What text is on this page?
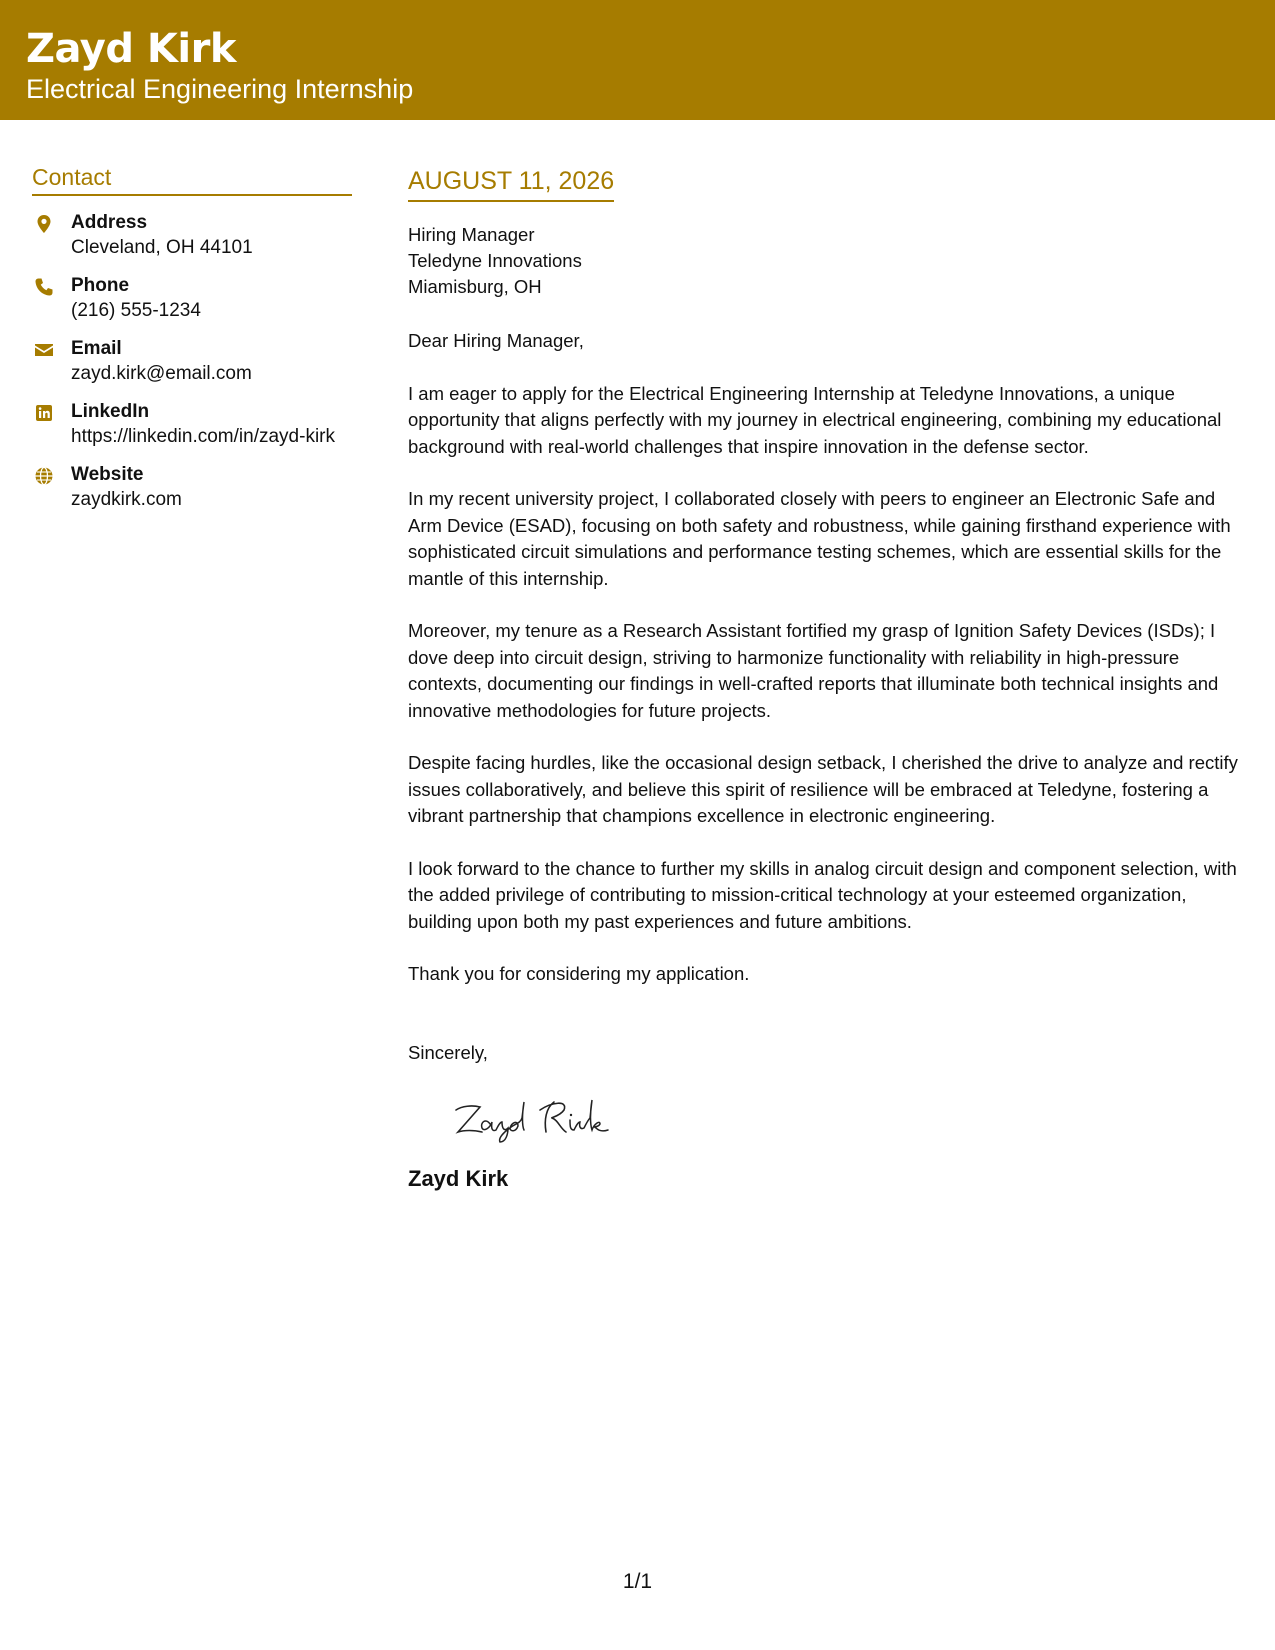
Zayd Kirk
Electrical Engineering Internship
Contact
Address
Cleveland, OH 44101
Phone
(216) 555-1234
Email
zayd.kirk@email.com
LinkedIn
https://linkedin.com/in/zayd-kirk
Website
zaydkirk.com
AUGUST 11, 2026
Hiring Manager
Teledyne Innovations
Miamisburg, OH
Dear Hiring Manager,
I am eager to apply for the Electrical Engineering Internship at Teledyne Innovations, a unique opportunity that aligns perfectly with my journey in electrical engineering, combining my educational background with real-world challenges that inspire innovation in the defense sector.
In my recent university project, I collaborated closely with peers to engineer an Electronic Safe and Arm Device (ESAD), focusing on both safety and robustness, while gaining firsthand experience with sophisticated circuit simulations and performance testing schemes, which are essential skills for the mantle of this internship.
Moreover, my tenure as a Research Assistant fortified my grasp of Ignition Safety Devices (ISDs); I dove deep into circuit design, striving to harmonize functionality with reliability in high-pressure contexts, documenting our findings in well-crafted reports that illuminate both technical insights and innovative methodologies for future projects.
Despite facing hurdles, like the occasional design setback, I cherished the drive to analyze and rectify issues collaboratively, and believe this spirit of resilience will be embraced at Teledyne, fostering a vibrant partnership that champions excellence in electronic engineering.
I look forward to the chance to further my skills in analog circuit design and component selection, with the added privilege of contributing to mission-critical technology at your esteemed organization, building upon both my past experiences and future ambitions.
Thank you for considering my application.
Sincerely,
Zayd Kirk
1/1
